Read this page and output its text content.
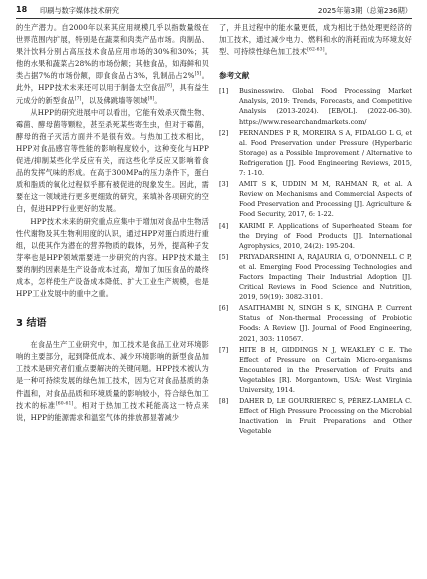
18 印刷与数字媒体技术研究	2025年第3期（总第236期）

的生产潜力。自2000年以来其应用规模几乎以指数量级在世界范围内扩展，特别是在蔬菜和肉类产品市场。肉制品、果汁饮料分别占高压技术食品应用市场的30%和30%；其他的水果和蔬菜占28%的市场份额；其他食品，如海鲜和贝类占据7%的市场份额，即食食品占3%，乳制品占2%[5]。此外，HPP技术未来还可以用于制备太空食品[6]，具有益生元成分的新型食品[7]，以及佛跳墙等领域[8]。

从HPP的研究进展中可以看出，它能有效杀灭微生物、霉菌、酵母菌等颗粒，甚至杀死某些寄生虫，但对于霉菌，酵母的孢子灭活方面并不是很有效。与热加工技术相比，HPP对食品感官等性能的影响程度较小，这种变化与HPP促进/抑制某些化学反应有关，而这些化学反应又影响着食品的发挥气味的形成。在高于300MPa的压力条件下，蛋白质和脂质的氧化过程似乎都有被促进的现象发生。因此，需要在这一领域进行更多更细致的研究，来填补各项研究的空白，促进HPP行业更好的发展。

HPP技术未来的研究重点应集中于增加对食品中生物活性代谢物及其生物利用度的认识，通过HPP对蛋白质进行重组，以使其作为潜在的营养物质的载体，另外，提高种子发芽率也是HPP领域需要进一步研究的内容。HPP技术最主要的制约因素是生产设备成本过高，增加了加压食品的最终成本，怎样使生产设备成本降低、扩大工业生产规模，也是HPP工业发展中的重中之重。

3 结语

在食品生产工业研究中，加工技术是食品工业对环境影响的主要部分，起到降低成本、减少环境影响的新型食品加工技术是研究者们重点要解决的关键问题。HPP技术被认为是一种可持续发展的绿色加工技术，因为它对食品基质的条件温和，对食品品质和环境质量的影响较小，符合绿色加工技术的标准[60-61]。相对于热加工技术耗能高这一特点来说，HPP的能源需求和温室气体的排放都显著减少

了，并且过程中的能水量更低，成为相比于热处理更经济的加工技术，通过减少电力、燃料和水的消耗而成为环境友好型、可持续性绿色加工技术[62-63]。

参考文献
[1]	Businesswire. Global Food Processing Market Analysis, 2019: Trends, Forecasts, and Competitive Analysis (2013-2024). [EB/OL]. (2022-06-30). https://www.researchandmarkets.com/
[2]	FERNANDES P R, MOREIRA S A, FIDALGO L G, et al. Food Preservation under Pressure (Hyperbaric Storage) as a Possible Improvement / Alternative to Refrigeration [J]. Food Engineering Reviews, 2015, 7: 1-10.
[3]	AMIT S K, UDDIN M M, RAHMAN R, et al. A Review on Mechanisms and Commercial Aspects of Food Preservation and Processing [J]. Agriculture & Food Security, 2017, 6: 1-22.
[4]	KARIMI F. Applications of Superheated Steam for the Drying of Food Products [J]. International Agrophysics, 2010, 24(2): 195-204.
[5]	PRIYADARSHINI A, RAJAURIA G, O'DONNELL C P, et al. Emerging Food Processing Technologies and Factors Impacting Their Industrial Adoption [J]. Critical Reviews in Food Science and Nutrition, 2019, 59(19): 3082-3101.
[6]	ASAITHAMBI N, SINGH S K, SINGHA P. Current Status of Non-thermal Processing of Probiotic Foods: A Review [J]. Journal of Food Engineering, 2021, 303: 110567.
[7]	HITE B H, GIDDINGS N J, WEAKLEY C E. The Effect of Pressure on Certain Micro-organisms Encountered in the Preservation of Fruits and Vegetables [R]. Morgantown, USA: West Virginia University, 1914.
[8]	DAHER D, LE GOURRIEREC S, PÉREZ-LAMELA C. Effect of High Pressure Processing on the Microbial Inactivation in Fruit Preparations and Other Vegetable
